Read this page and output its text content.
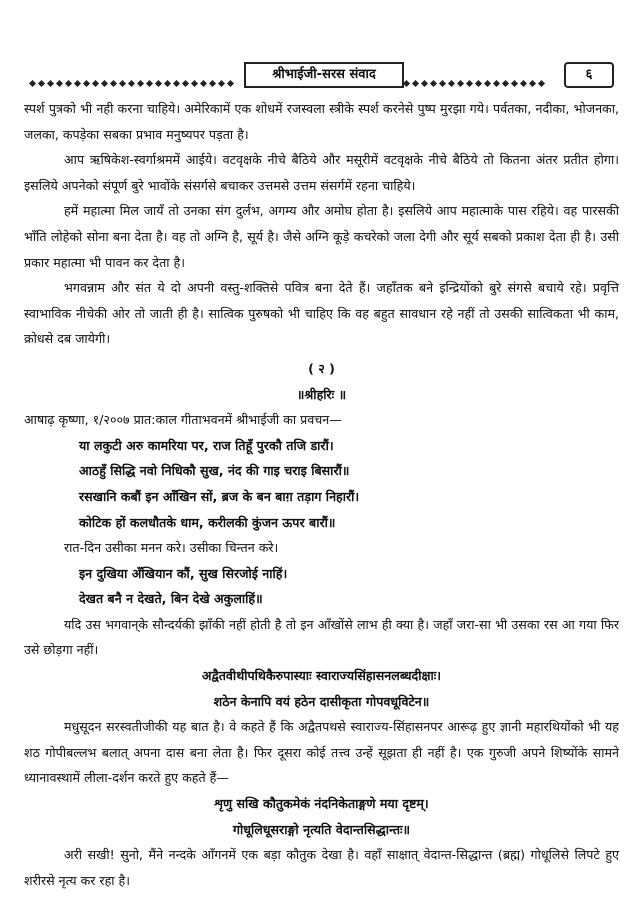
श्रीभाईजी-सरस संवाद	६

स्पर्श पुत्रको भी नही करना चाहिये। अमेरिकामें एक शोधमें रजस्वला स्त्रीके स्पर्श करनेसे पुष्प मुरझा गये। पर्वतका, नदीका, भोजनका, जलका, कपड़ेका सबका प्रभाव मनुष्यपर पड़ता है।

आप ऋषिकेश-स्वर्गाश्रममें आईये। वटवृक्षके नीचे बैठिये और मसूरीमें वटवृक्षके नीचे बैठिये तो कितना अंतर प्रतीत होगा। इसलिये अपनेको संपूर्ण बुरे भावोंके संसर्गसे बचाकर उत्तमसे उत्तम संसर्गमें रहना चाहिये।

हमें महात्मा मिल जायँ तो उनका संग दुर्लभ, अगम्य और अमोघ होता है। इसलिये आप महात्माके पास रहिये। वह पारसकी भाँति लोहेको सोना बना देता है। वह तो अग्नि है, सूर्य है। जैसे अग्नि कूड़े कचरेको जला देगी और सूर्य सबको प्रकाश देता ही है। उसी प्रकार महात्मा भी पावन कर देता है।

भगवन्नाम और संत ये दो अपनी वस्तु-शक्तिसे पवित्र बना देते हैं। जहाँतक बने इन्द्रियोंको बुरे संगसे बचाये रहे। प्रवृत्ति स्वाभाविक नीचेकी ओर तो जाती ही है। सात्विक पुरुषको भी चाहिए कि वह बहुत सावधान रहे नहीं तो उसकी सात्विकता भी काम, क्रोधसे दब जायेगी।

( २ )

॥श्रीहरिः ॥

आषाढ़ कृष्णा, १/२००७ प्रात:काल गीताभवनमें श्रीभाईजी का प्रवचन—

या लकुटी अरु कामरिया पर, राज तिहूँ पुरकौ तजि डारौं।

आठहुँ सिद्धि नवो निधिकौ सुख, नंद की गाइ चराइ बिसारौं॥

रसखानि कबौं इन आँखिन सों, ब्रज के बन बाग़ तड़ाग निहारौं।

कोटिक हों कलधौतके धाम, करीलकी कुंजन ऊपर बारौं॥

रात-दिन उसीका मनन करे। उसीका चिन्तन करे।

इन दुखिया अँखियान कौं, सुख सिरजोई नाहिं।

देखत बनै न देखते, बिन देखे अकुलाहिं॥

यदि उस भगवान्‌के सौन्दर्यकी झाँकी नहीं होती है तो इन आँखोंसे लाभ ही क्या है। जहाँ जरा-सा भी उसका रस आ गया फिर उसे छोड़गा नहीं।

अद्वैतवीथीपथिकैरुपास्याः स्वाराज्यसिंहासनलब्धदीक्षाः।

शठेन केनापि वयं हठेन दासीकृता गोपवधूविटेन॥

मधुसूदन सरस्वतीजीकी यह बात है। वे कहते हैं कि अद्वैतपथसे स्वाराज्य-सिंहासनपर आरूढ़ हुए ज्ञानी महारथियोंको भी यह शठ गोपीबल्लभ बलात् अपना दास बना लेता है। फिर दूसरा कोई तत्त्व उन्हें सूझता ही नहीं है। एक गुरुजी अपने शिष्योंके सामने ध्यानावस्थामें लीला-दर्शन करते हुए कहते हैं—

शृणु सखि कौतुकमेकं नंदनिकेताङ्गणे मया दृष्टम्।

गोधूलिधूसराङ्गो नृत्यति वेदान्तसिद्धान्तः॥

अरी सखी! सुनो, मैंने नन्दके आँगनमें एक बड़ा कौतुक देखा है। वहाँ साक्षात् वेदान्त-सिद्धान्त (ब्रह्म) गोधूलिसे लिपटे हुए शरीरसे नृत्य कर रहा है।
